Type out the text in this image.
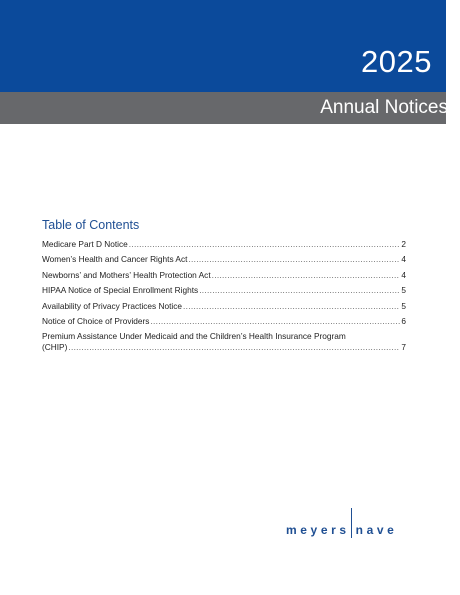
2025
Annual Notices
Table of Contents
Medicare Part D Notice .....	2
Women’s Health and Cancer Rights Act .....	4
Newborns’ and Mothers’ Health Protection Act .....	4
HIPAA Notice of Special Enrollment Rights .....	5
Availability of Privacy Practices Notice .....	5
Notice of Choice of Providers .....	6
Premium Assistance Under Medicaid and the Children’s Health Insurance Program
(CHIP) .....	7
meyers nave
